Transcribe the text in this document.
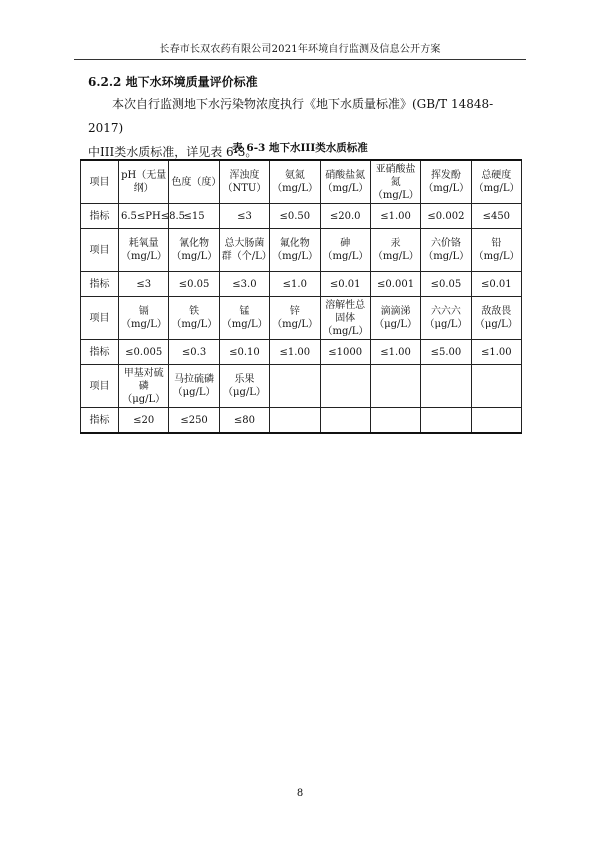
长春市长双农药有限公司2021年环境自行监测及信息公开方案
6.2.2 地下水环境质量评价标准
本次自行监测地下水污染物浓度执行《地下水质量标准》(GB/T 14848-2017)
中III类水质标准，详见表 6-3。
表 6-3 地下水III类水质标准
项目	pH（无量纲）	色度（度）	浑浊度（NTU）	氨氮（mg/L）	硝酸盐氮（mg/L）	亚硝酸盐氮（mg/L）	挥发酚（mg/L）	总硬度（mg/L）
指标	6.5≤PH≤8.5	≤15	≤3	≤0.50	≤20.0	≤1.00	≤0.002	≤450
项目	耗氧量（mg/L）	氰化物（mg/L）	总大肠菌群（个/L）	氟化物（mg/L）	砷（mg/L）	汞（mg/L）	六价铬（mg/L）	铅（mg/L）
指标	≤3	≤0.05	≤3.0	≤1.0	≤0.01	≤0.001	≤0.05	≤0.01
项目	镉（mg/L）	铁（mg/L）	锰（mg/L）	锌（mg/L）	溶解性总固体（mg/L）	滴滴涕（μg/L）	六六六（μg/L）	敌敌畏（μg/L）
指标	≤0.005	≤0.3	≤0.10	≤1.00	≤1000	≤1.00	≤5.00	≤1.00
项目	甲基对硫磷（μg/L）	马拉硫磷（μg/L）	乐果（μg/L）					
指标	≤20	≤250	≤80					
8
